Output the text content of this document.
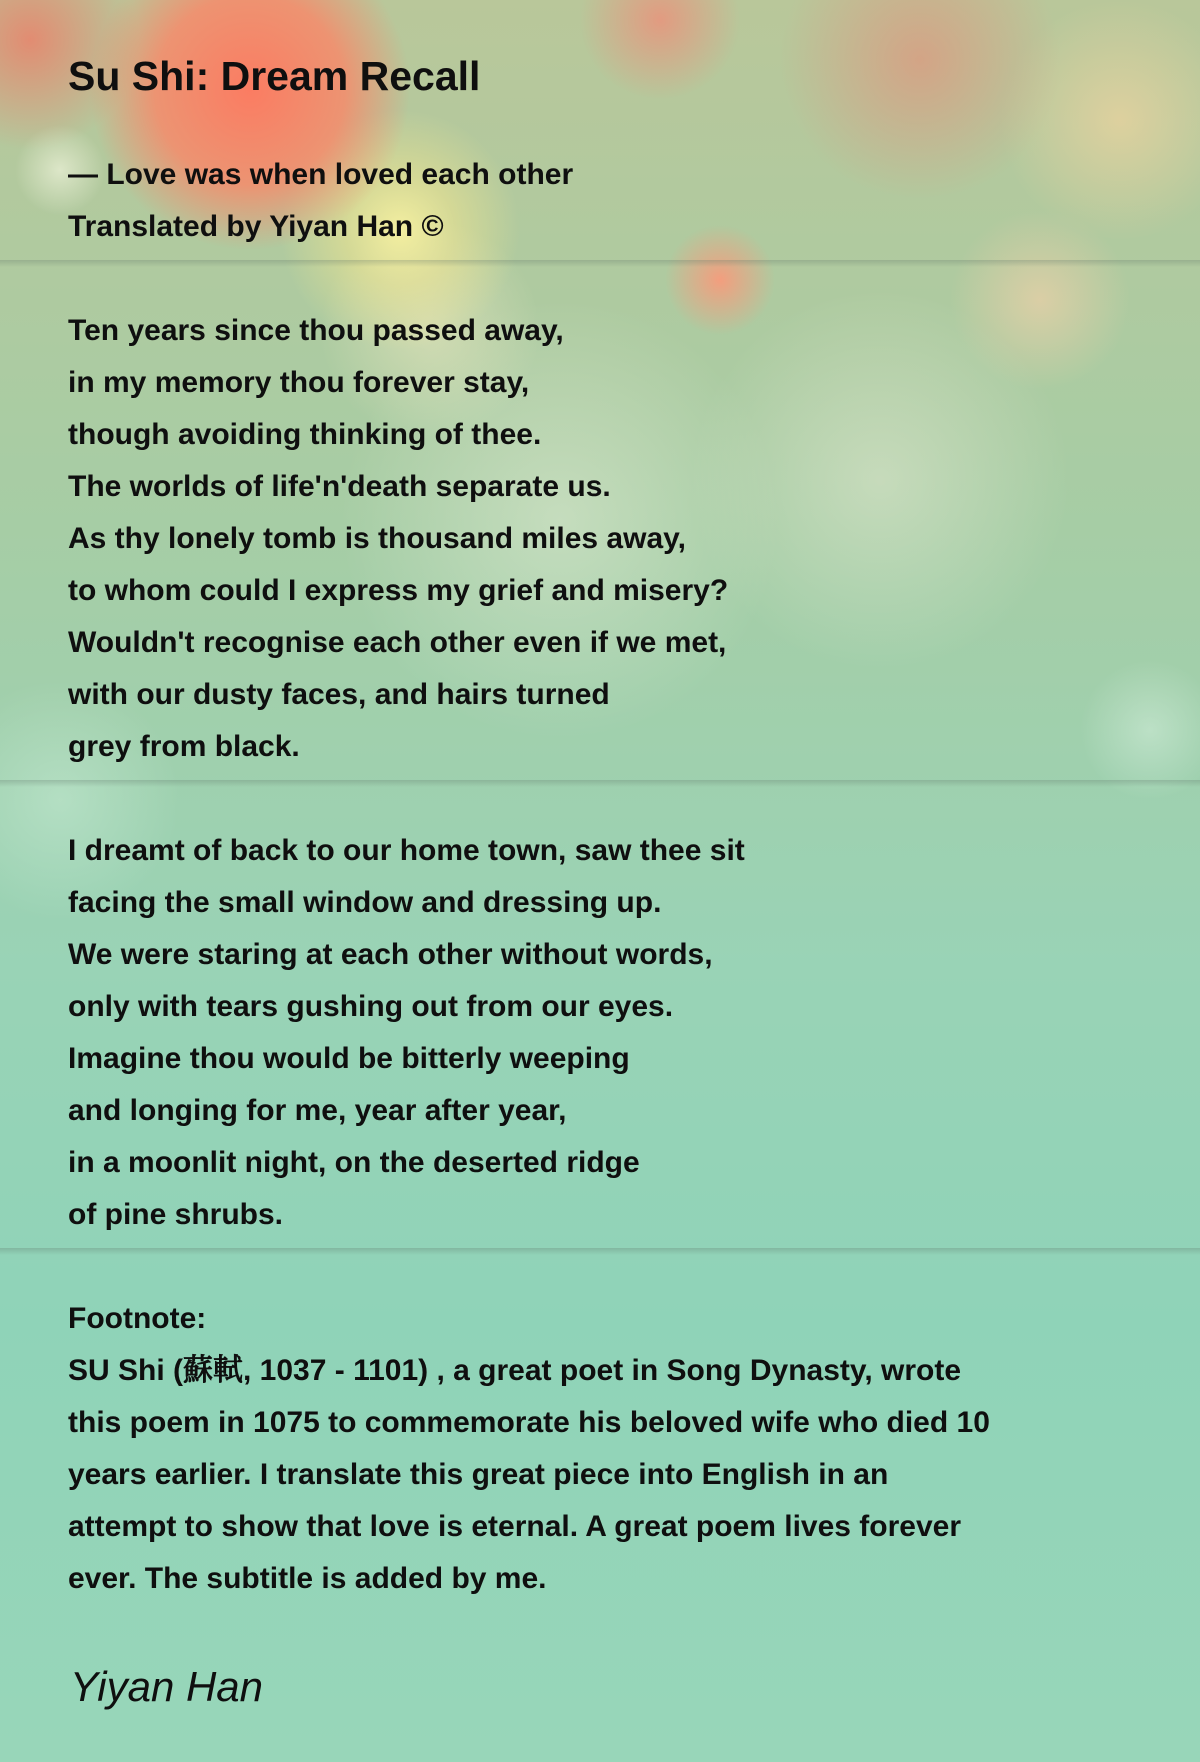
Su Shi: Dream Recall
— Love was when loved each other
Translated by Yiyan Han ©
Ten years since thou passed away,
in my memory thou forever stay,
though avoiding thinking of thee.
The worlds of life'n'death separate us.
As thy lonely tomb is thousand miles away,
to whom could I express my grief and misery?
Wouldn't recognise each other even if we met,
with our dusty faces, and hairs turned
grey from black.
I dreamt of back to our home town, saw thee sit
facing the small window and dressing up.
We were staring at each other without words,
only with tears gushing out from our eyes.
Imagine thou would be bitterly weeping
and longing for me, year after year,
in a moonlit night, on the deserted ridge
of pine shrubs.
Footnote:
SU Shi (蘇軾, 1037 - 1101) , a great poet in Song Dynasty, wrote
this poem in 1075 to commemorate his beloved wife who died 10
years earlier. I translate this great piece into English in an
attempt to show that love is eternal. A great poem lives forever
ever. The subtitle is added by me.
Yiyan Han
